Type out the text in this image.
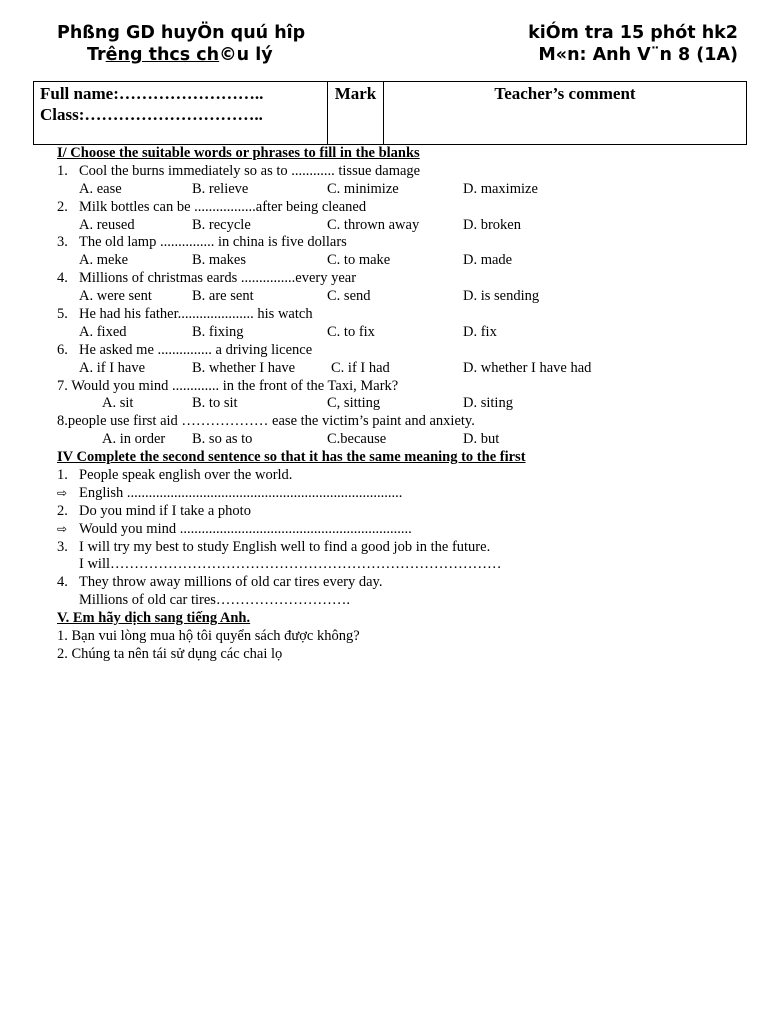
Phßng GD huyÖn quú hîp
Trêng thcs ch©u lý
kiÓm tra 15 phót hk2
M«n: Anh V¨n 8 (1A)
Full name:……………………..
Class:…………………………..
	Mark	Teacher’s comment
I/ Choose the suitable words or phrases to fill in the blanks
1. Cool the burns immediately so as to ............ tissue damage
A. ease	B. relieve	C. minimize	D. maximize
2. Milk bottles can be .................after being cleaned
A. reused	B. recycle	C. thrown away	D. broken
3. The old lamp ............... in china is five dollars
A. meke	B. makes	C. to make	D. made
4. Millions of christmas eards ...............every year
A. were sent	B. are sent	C. send	D. is sending
5. He had his father..................... his watch
A. fixed	B. fixing	C. to fix	D. fix
6. He asked me ............... a driving licence
A. if I have	B. whether I have C. if I had	D. whether I have had
7. Would you mind ............. in the front of the Taxi, Mark?
A. sit	B. to sit	C, sitting	D. siting
8.people use first aid ……………… ease the victim’s paint and anxiety.
A. in order B. so as to	C.because	D. but
IV Complete the second sentence so that it has the same meaning to the first
1. People speak english over the world.
⇨ English ............................................................................
2. Do you mind if I take a photo
⇨ Would you mind ................................................................
3. I will try my best to study English well to find a good job in the future.
I will………………………………………………………………………
4. They throw away millions of old car tires every day.
Millions of old car tires……………………….
V. Em hãy dịch sang tiếng Anh.
1. Bạn vui lòng mua hộ tôi quyển sách được không?
2. Chúng ta nên tái sử dụng các chai lọ
